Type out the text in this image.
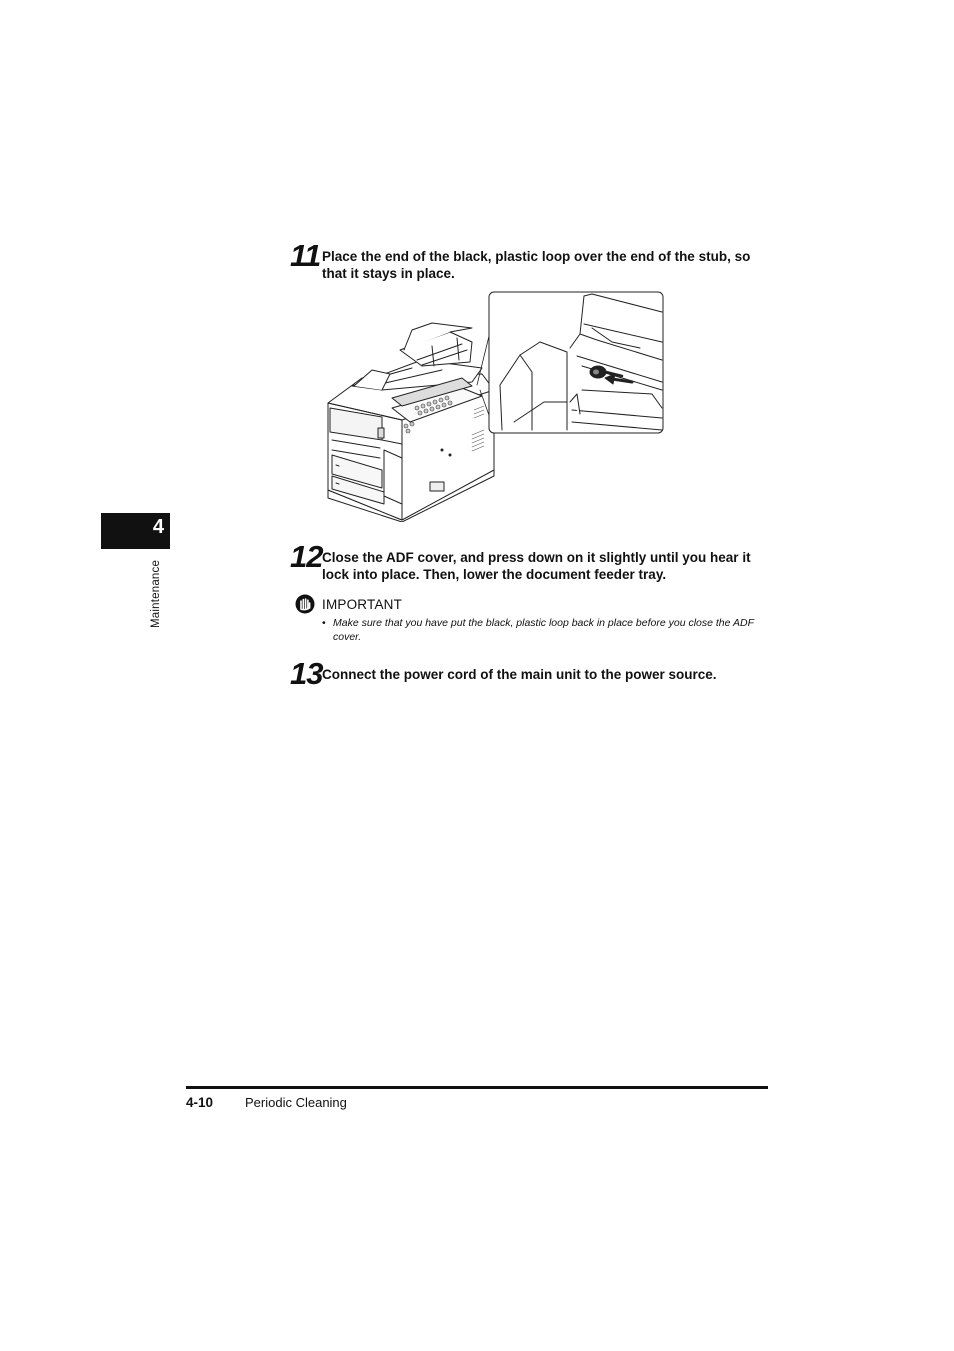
4
Maintenance
11 Place the end of the black, plastic loop over the end of the stub, so that it stays in place.
12 Close the ADF cover, and press down on it slightly until you hear it lock into place. Then, lower the document feeder tray.
IMPORTANT
• Make sure that you have put the black, plastic loop back in place before you close the ADF cover.
13 Connect the power cord of the main unit to the power source.
4-10 Periodic Cleaning
